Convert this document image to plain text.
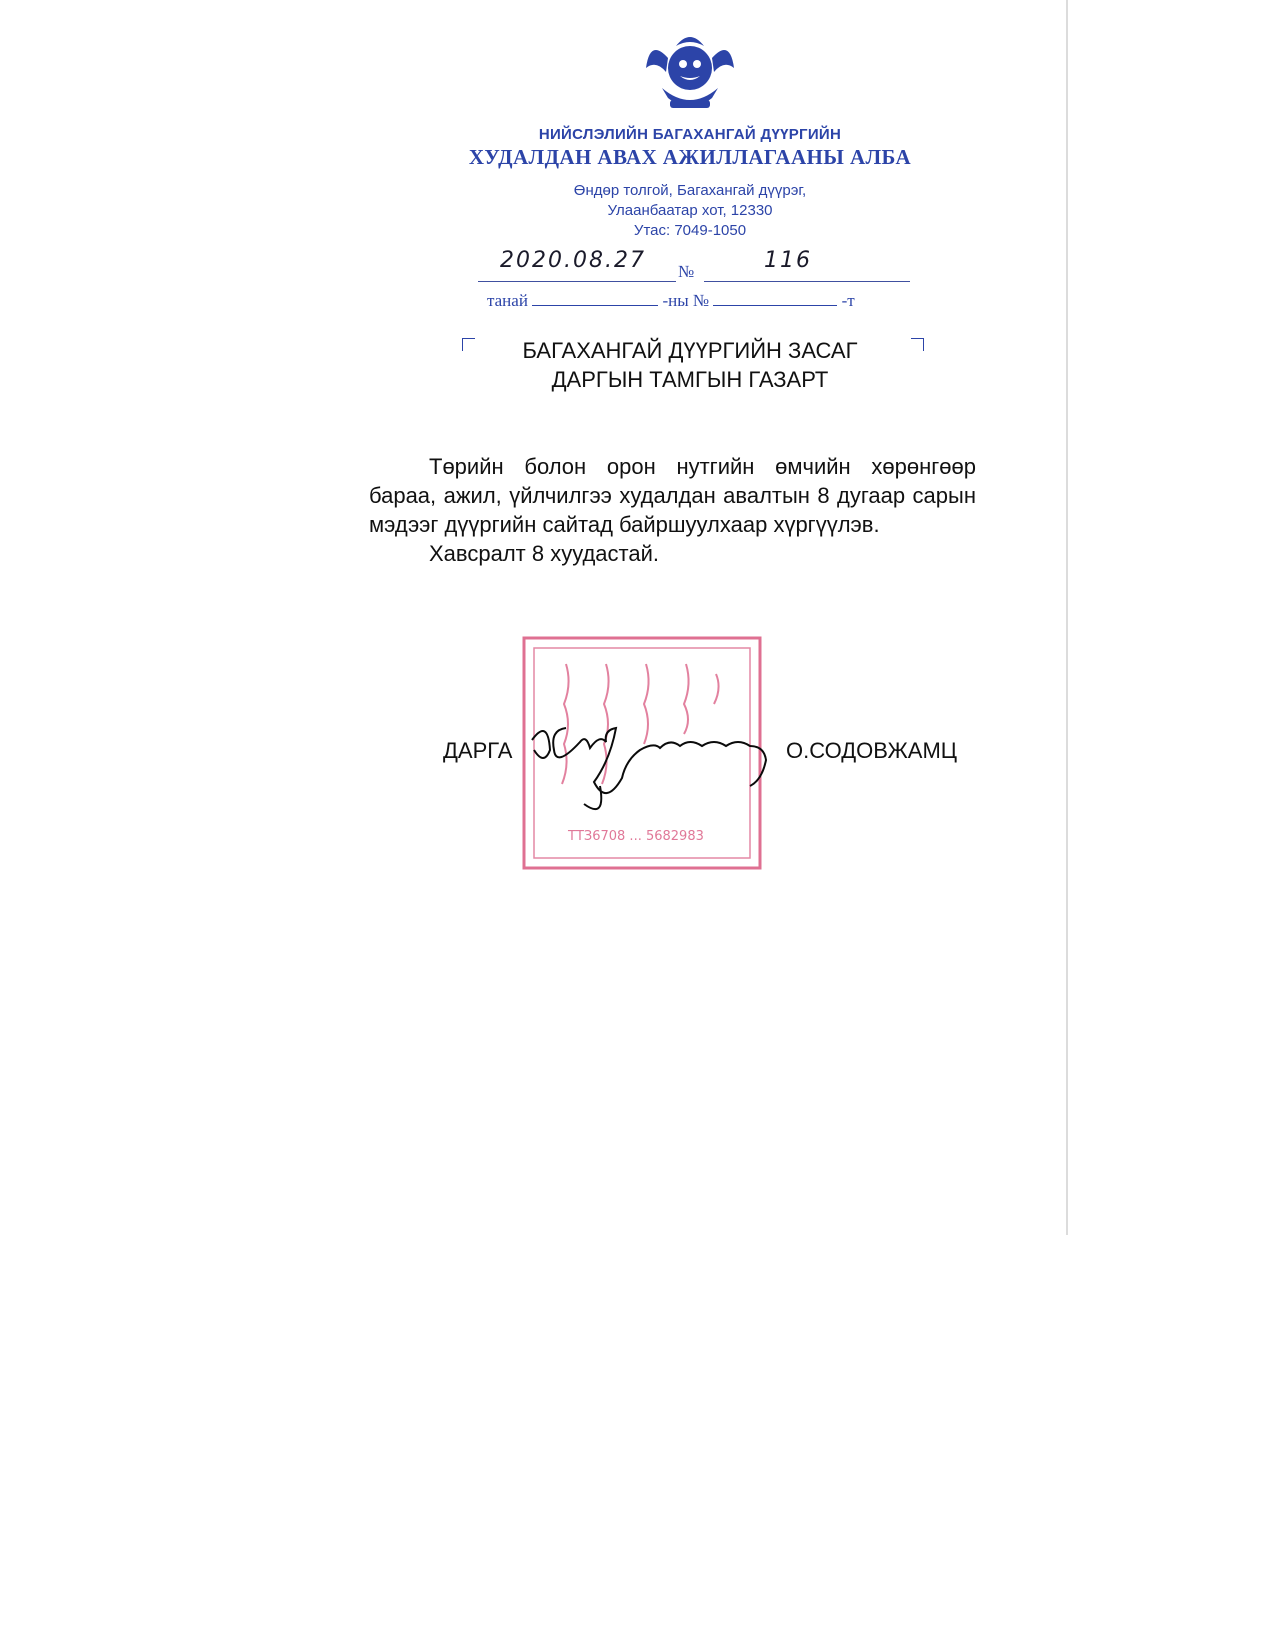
НИЙСЛЭЛИЙН БАГАХАНГАЙ ДҮҮРГИЙН
ХУДАЛДАН АВАХ АЖИЛЛАГААНЫ АЛБА
Өндөр толгой, Багахангай дүүрэг,
Улаанбаатар хот, 12330
Утас: 7049-1050
2020.08.27 №	116
танай	-ны №	-т
БАГАХАНГАЙ ДҮҮРГИЙН ЗАСАГ
ДАРГЫН ТАМГЫН ГАЗАРТ

Төрийн болон орон нутгийн өмчийн хөрөнгөөр бараа, ажил, үйлчилгээ худалдан авалтын 8 дугаар сарын мэдээг дүүргийн сайтад байршуулхаар хүргүүлэв.

Хавсралт 8 хуудастай.

ТТЗ6708 ... 5682983
ДАРГА	О.СОДОВЖАМЦ
